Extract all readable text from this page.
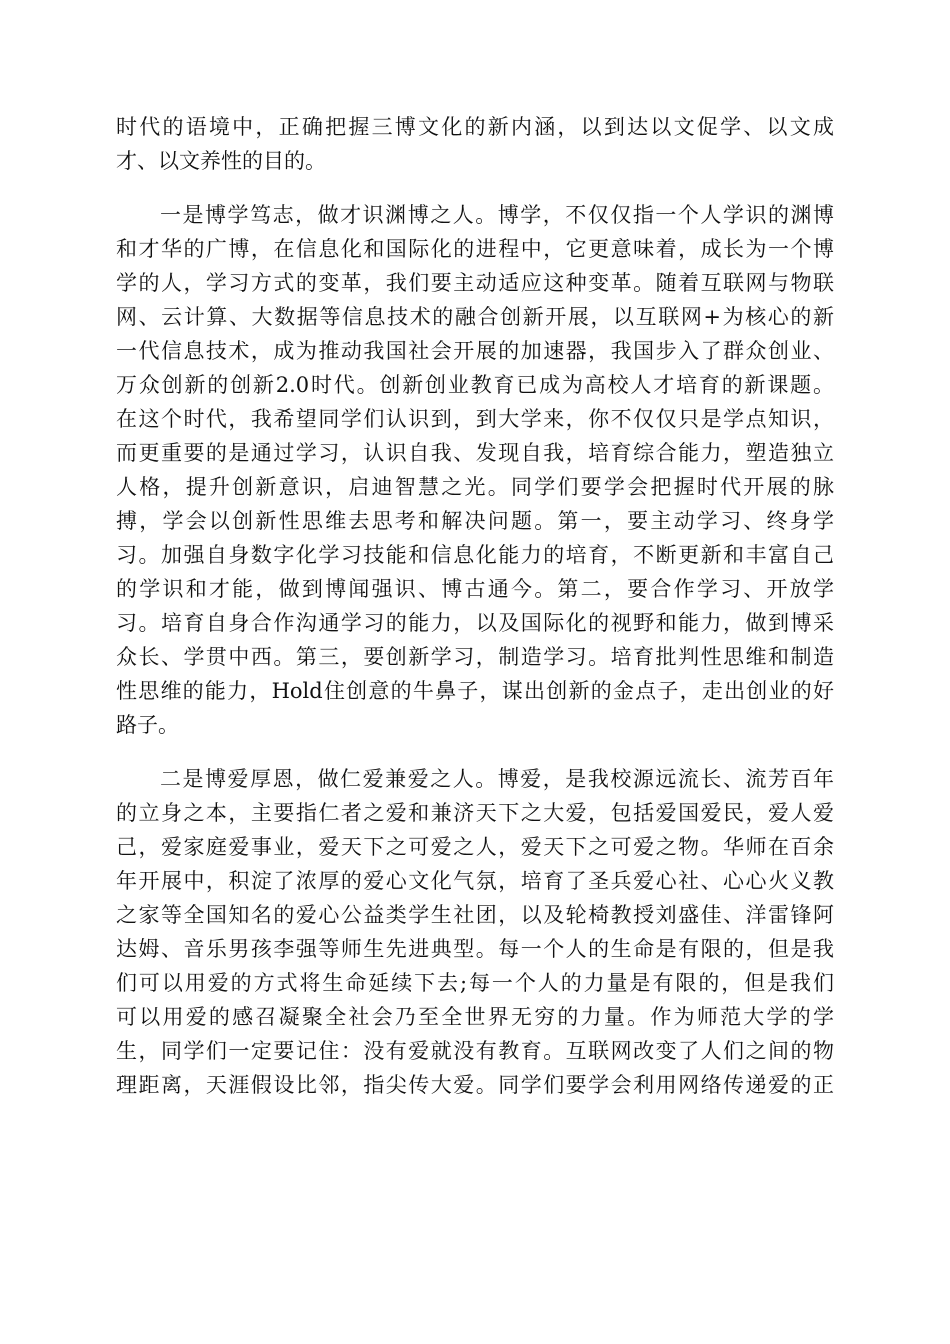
时代的语境中，正确把握三博文化的新内涵，以到达以文促学、以文成
才、以文养性的目的。
一是博学笃志，做才识渊博之人。博学，不仅仅指一个人学识的渊博
和才华的广博，在信息化和国际化的进程中，它更意味着，成长为一个博
学的人，学习方式的变革，我们要主动适应这种变革。随着互联网与物联
网、云计算、大数据等信息技术的融合创新开展，以互联网+为核心的新
一代信息技术，成为推动我国社会开展的加速器，我国步入了群众创业、
万众创新的创新2.0时代。创新创业教育已成为高校人才培育的新课题。
在这个时代，我希望同学们认识到，到大学来，你不仅仅只是学点知识，
而更重要的是通过学习，认识自我、发现自我，培育综合能力，塑造独立
人格，提升创新意识，启迪智慧之光。同学们要学会把握时代开展的脉
搏，学会以创新性思维去思考和解决问题。第一，要主动学习、终身学
习。加强自身数字化学习技能和信息化能力的培育，不断更新和丰富自己
的学识和才能，做到博闻强识、博古通今。第二，要合作学习、开放学
习。培育自身合作沟通学习的能力，以及国际化的视野和能力，做到博采
众长、学贯中西。第三，要创新学习，制造学习。培育批判性思维和制造
性思维的能力，Hold住创意的牛鼻子，谋出创新的金点子，走出创业的好
路子。
二是博爱厚恩，做仁爱兼爱之人。博爱，是我校源远流长、流芳百年
的立身之本，主要指仁者之爱和兼济天下之大爱，包括爱国爱民，爱人爱
己，爱家庭爱事业，爱天下之可爱之人，爱天下之可爱之物。华师在百余
年开展中，积淀了浓厚的爱心文化气氛，培育了圣兵爱心社、心心火义教
之家等全国知名的爱心公益类学生社团，以及轮椅教授刘盛佳、洋雷锋阿
达姆、音乐男孩李强等师生先进典型。每一个人的生命是有限的，但是我
们可以用爱的方式将生命延续下去;每一个人的力量是有限的，但是我们
可以用爱的感召凝聚全社会乃至全世界无穷的力量。作为师范大学的学
生，同学们一定要记住：没有爱就没有教育。互联网改变了人们之间的物
理距离，天涯假设比邻，指尖传大爱。同学们要学会利用网络传递爱的正
